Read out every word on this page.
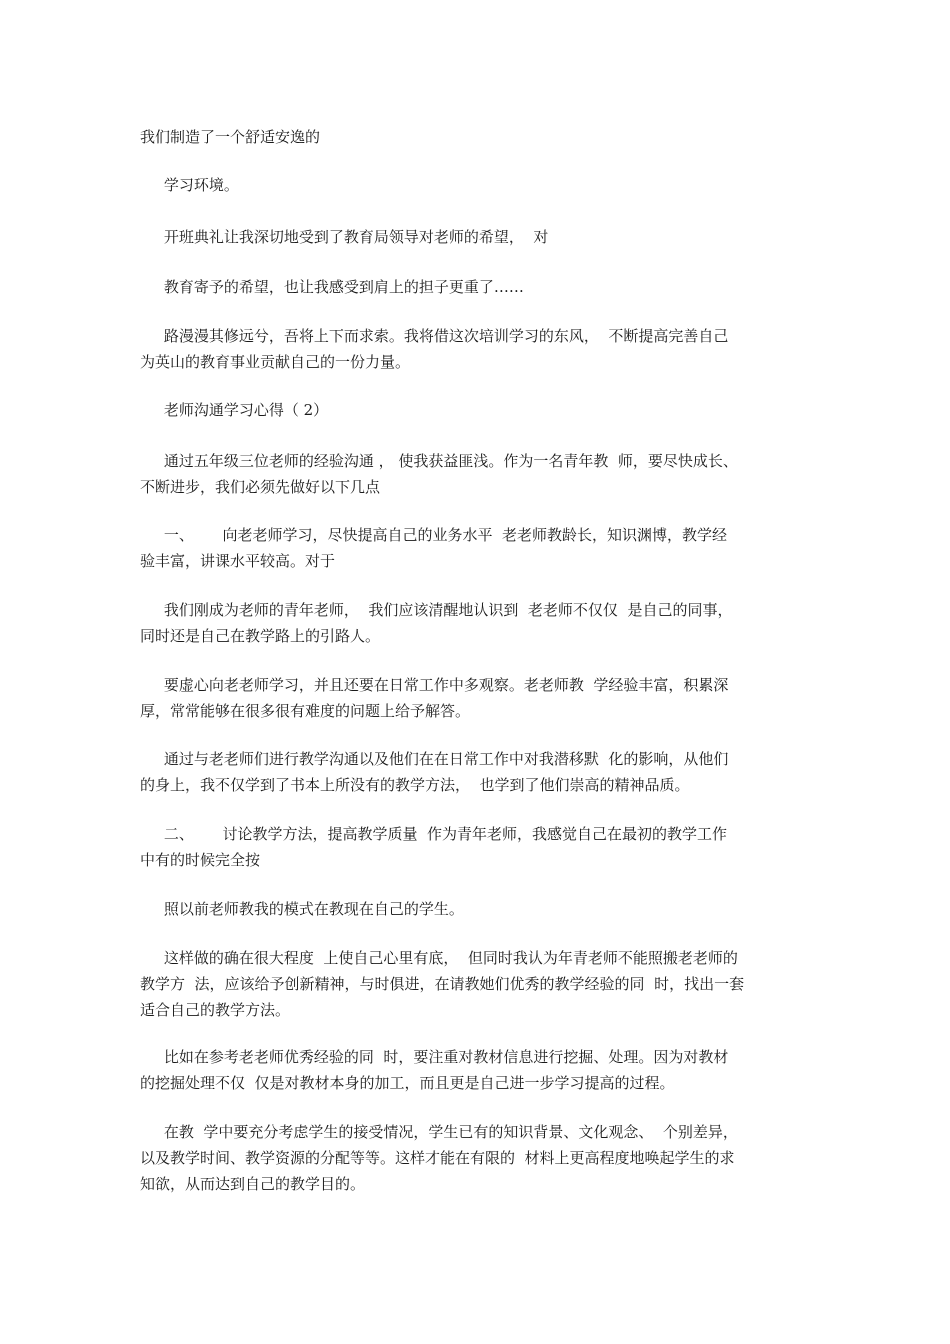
我们制造了一个舒适安逸的
学习环境。
开班典礼让我深切地受到了教育局领导对老师的希望，  对
教育寄予的希望，也让我感受到肩上的担子更重了……
路漫漫其修远兮，吾将上下而求索。我将借这次培训学习的东风，  不断提高完善自己
为英山的教育事业贡献自己的一份力量。
老师沟通学习心得（ 2）
通过五年级三位老师的经验沟通 ， 使我获益匪浅。作为一名青年教  师，要尽快成长、
不断进步，我们必须先做好以下几点
一、      向老老师学习，尽快提高自己的业务水平  老老师教龄长，知识渊博，教学经
验丰富，讲课水平较高。对于
我们刚成为老师的青年老师，  我们应该清醒地认识到  老老师不仅仅  是自己的同事，
同时还是自己在教学路上的引路人。
要虚心向老老师学习，并且还要在日常工作中多观察。老老师教  学经验丰富，积累深
厚，常常能够在很多很有难度的问题上给予解答。
通过与老老师们进行教学沟通以及他们在在日常工作中对我潜移默  化的影响，从他们
的身上，我不仅学到了书本上所没有的教学方法，  也学到了他们崇高的精神品质。
二、      讨论教学方法，提高教学质量  作为青年老师，我感觉自己在最初的教学工作
中有的时候完全按
照以前老师教我的模式在教现在自己的学生。
这样做的确在很大程度  上使自己心里有底，  但同时我认为年青老师不能照搬老老师的
教学方  法，应该给予创新精神，与时俱进，在请教她们优秀的教学经验的同  时，找出一套
适合自己的教学方法。
比如在参考老老师优秀经验的同  时，要注重对教材信息进行挖掘、处理。因为对教材
的挖掘处理不仅  仅是对教材本身的加工，而且更是自己进一步学习提高的过程。
在教  学中要充分考虑学生的接受情况，学生已有的知识背景、文化观念、  个别差异，
以及教学时间、教学资源的分配等等。这样才能在有限的  材料上更高程度地唤起学生的求
知欲，从而达到自己的教学目的。
